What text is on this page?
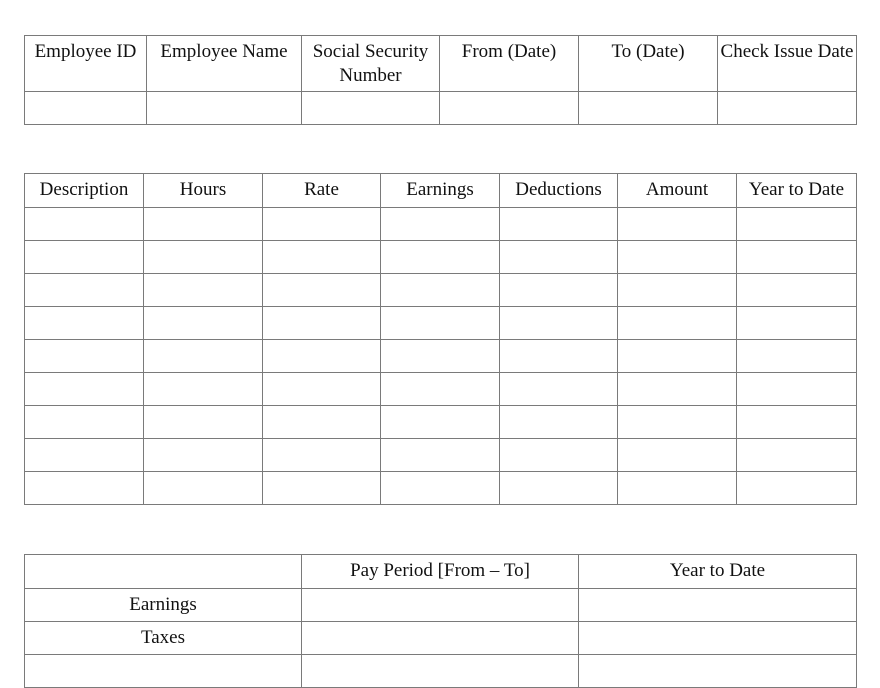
Employee ID	Employee Name	Social Security Number	From (Date)	To (Date)	Check Issue Date

Description	Hours	Rate	Earnings	Deductions	Amount	Year to Date

	Pay Period [From – To]	Year to Date
Earnings		
Taxes		
